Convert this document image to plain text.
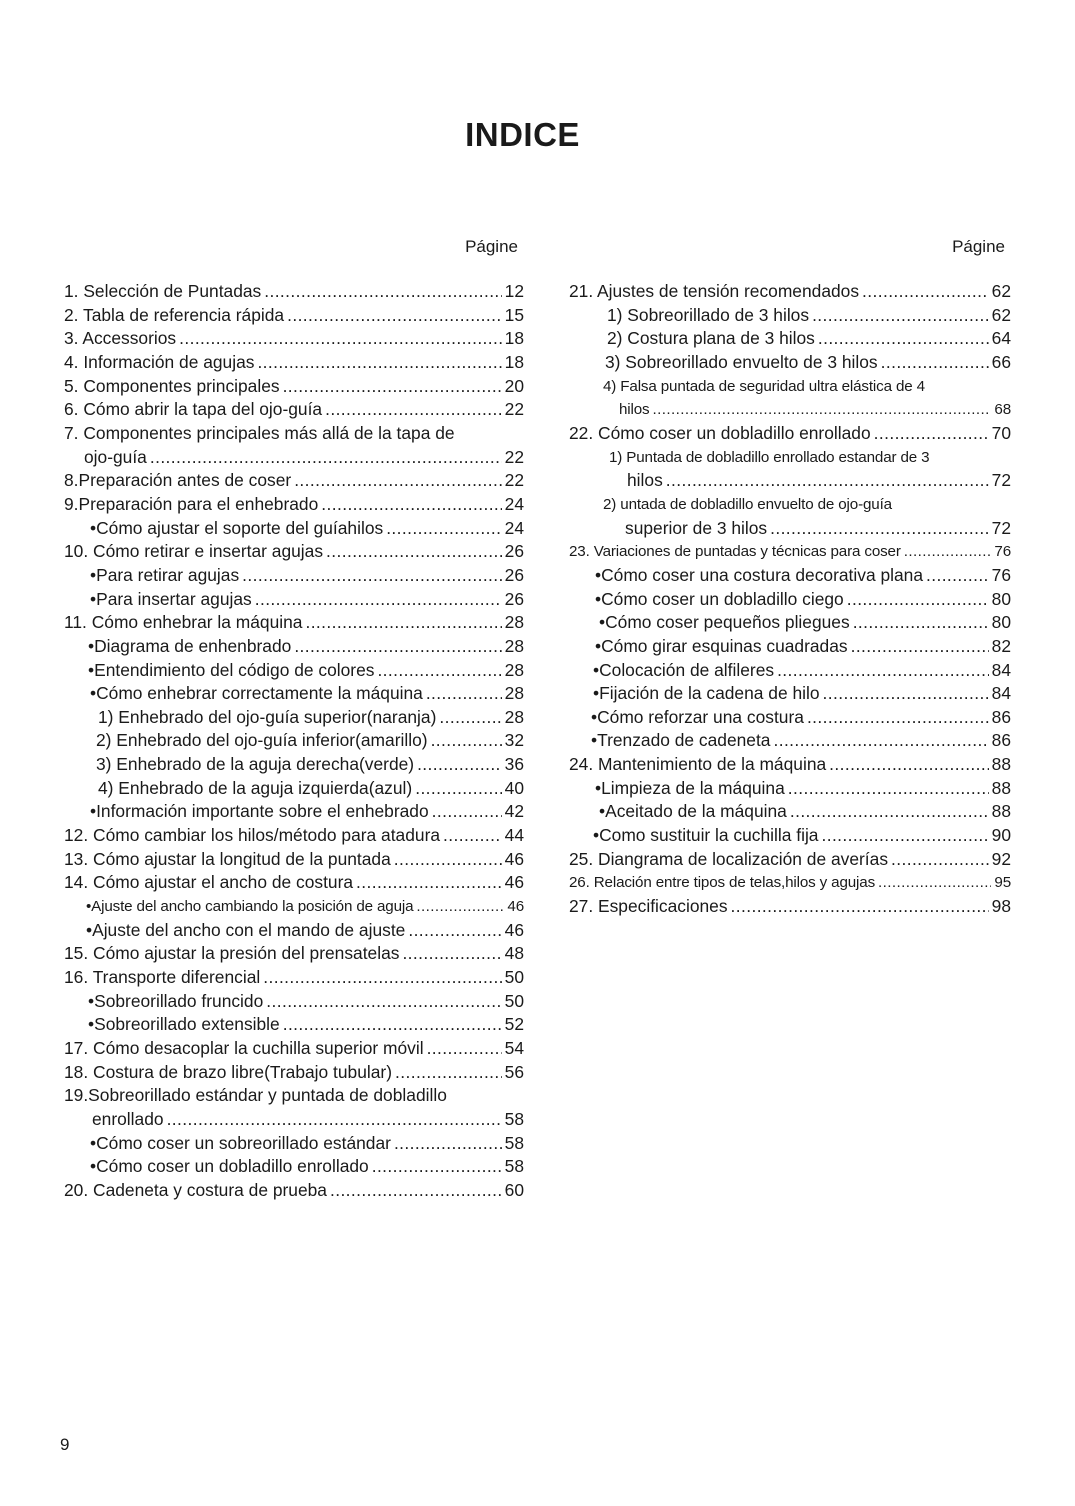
INDICE
Págine
1. Selección de Puntadas .....	12
2. Tabla de referencia rápida .....	15
3. Accessorios .....	18
4. Información de agujas .....	18
5. Componentes principales .....	20
6. Cómo abrir la tapa del ojo-guía .....	22
7. Componentes principales más allá de la tapa de
ojo-guía .....	22
8.Preparación antes de coser .....	22
9.Preparación para el enhebrado .....	24
•Cómo ajustar el soporte del guíahilos .....	24
10. Cómo retirar e insertar agujas .....	26
•Para retirar agujas .....	26
•Para insertar agujas .....	26
11. Cómo enhebrar la máquina .....	28
•Diagrama de enhenbrado .....	28
•Entendimiento del código de colores .....	28
•Cómo enhebrar correctamente la máquina .....	28
1) Enhebrado del ojo-guía superior(naranja) .....	28
2) Enhebrado del ojo-guía inferior(amarillo) .....	32
3) Enhebrado de la aguja derecha(verde) .....	36
4) Enhebrado de la aguja izquierda(azul) .....	40
•Información importante sobre el enhebrado .....	42
12. Cómo cambiar los hilos/método para atadura .....	44
13. Cómo ajustar la longitud de la puntada .....	46
14. Cómo ajustar el ancho de costura .....	46
•Ajuste del ancho cambiando la posición de aguja .....	46
•Ajuste del ancho con el mando de ajuste .....	46
15. Cómo ajustar la presión del prensatelas .....	48
16. Transporte diferencial .....	50
•Sobreorillado fruncido .....	50
•Sobreorillado extensible .....	52
17. Cómo desacoplar la cuchilla superior móvil .....	54
18. Costura de brazo libre(Trabajo tubular) .....	56
19.Sobreorillado estándar y puntada de dobladillo
enrollado .....	58
•Cómo coser un sobreorillado estándar .....	58
•Cómo coser un dobladillo enrollado .....	58
20. Cadeneta y costura de prueba .....	60
Págine
21. Ajustes de tensión recomendados .....	62
1) Sobreorillado de 3 hilos .....	62
2) Costura plana de 3 hilos .....	64
3) Sobreorillado envuelto de 3 hilos .....	66
4) Falsa puntada de seguridad ultra elástica de 4
hilos .....	68
22. Cómo coser un dobladillo enrollado .....	70
1) Puntada de dobladillo enrollado estandar de 3
hilos .....	72
2) untada de dobladillo envuelto de ojo-guía
superior de 3 hilos .....	72
23. Variaciones de puntadas y técnicas para coser .....	76
•Cómo coser una costura decorativa plana .....	76
•Cómo coser un dobladillo ciego .....	80
•Cómo coser pequeños pliegues .....	80
•Cómo girar esquinas cuadradas .....	82
•Colocación de alfileres .....	84
•Fijación de la cadena de hilo .....	84
•Cómo reforzar una costura .....	86
•Trenzado de cadeneta .....	86
24. Mantenimiento de la máquina .....	88
•Limpieza de la máquina .....	88
•Aceitado de la máquina .....	88
•Como sustituir la cuchilla fija .....	90
25. Diangrama de localización de averías .....	92
26. Relación entre tipos de telas,hilos y agujas .....	95
27. Especificaciones .....	98
9
